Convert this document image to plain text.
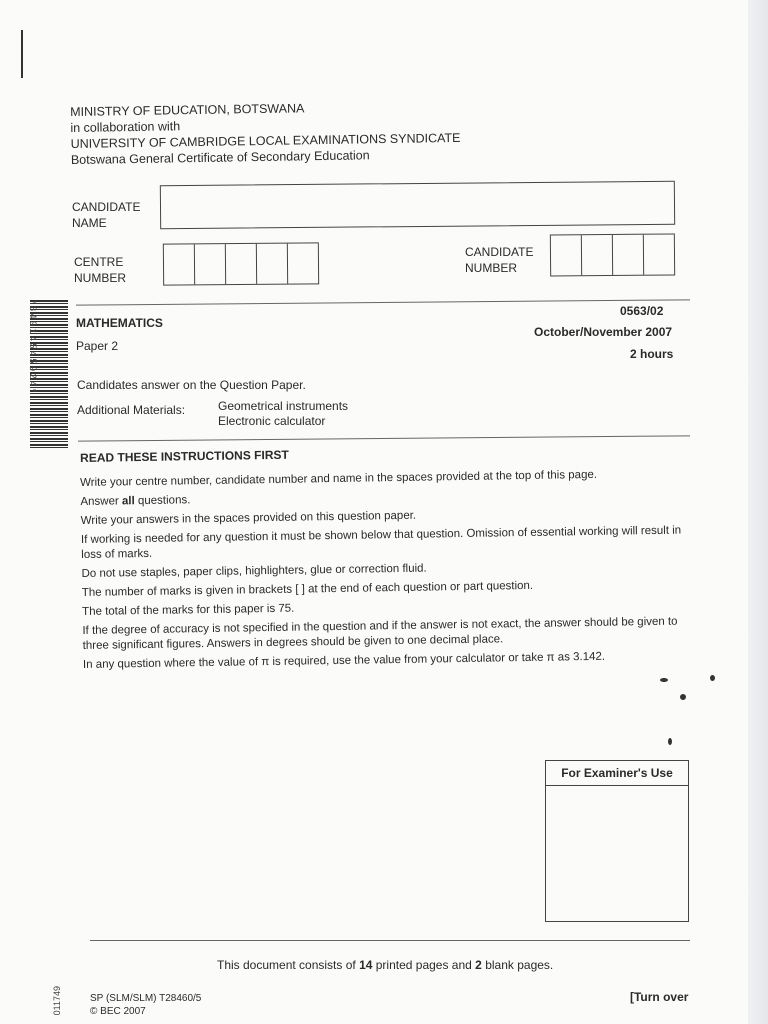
MINISTRY OF EDUCATION, BOTSWANA
in collaboration with
UNIVERSITY OF CAMBRIDGE LOCAL EXAMINATIONS SYNDICATE
Botswana General Certificate of Secondary Education
CANDIDATE
NAME
CENTRE
NUMBER
CANDIDATE
NUMBER
* 8 4 9 1 4 5 4 5 9 2 4 *	MATHEMATICS
Paper 2
0563/02
October/November 2007
2 hours
Candidates answer on the Question Paper.
Additional Materials:	Geometrical instruments
Electronic calculator
READ THESE INSTRUCTIONS FIRST

Write your centre number, candidate number and name in the spaces provided at the top of this page.

Answer all questions.

Write your answers in the spaces provided on this question paper.

If working is needed for any question it must be shown below that question. Omission of essential working will result in loss of marks.

Do not use staples, paper clips, highlighters, glue or correction fluid.

The number of marks is given in brackets [ ] at the end of each question or part question.

The total of the marks for this paper is 75.

If the degree of accuracy is not specified in the question and if the answer is not exact, the answer should be given to three significant figures. Answers in degrees should be given to one decimal place.

In any question where the value of π is required, use the value from your calculator or take π as 3.142.

For Examiner's Use
This document consists of 14 printed pages and 2 blank pages.
011749	SP (SLM/SLM) T28460/5
© BEC 2007
[Turn over
